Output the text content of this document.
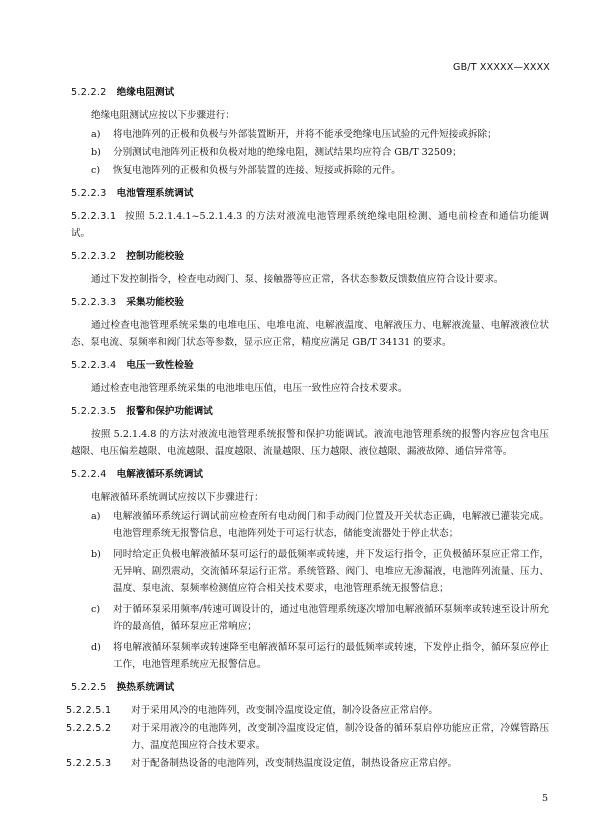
GB/T XXXXX—XXXX
5.2.2.2 绝缘电阻测试
绝缘电阻测试应按以下步骤进行：
a)	将电池阵列的正极和负极与外部装置断开，并将不能承受绝缘电压试验的元件短接或拆除；
b)	分别测试电池阵列正极和负极对地的绝缘电阻，测试结果均应符合 GB/T 32509；
c)	恢复电池阵列的正极和负极与外部装置的连接、短接或拆除的元件。
5.2.2.3 电池管理系统调试
5.2.2.3.1 按照 5.2.1.4.1~5.2.1.4.3 的方法对液流电池管理系统绝缘电阻检测、通电前检查和通信功能调试。
5.2.2.3.2 控制功能校验
通过下发控制指令，检查电动阀门、泵、接触器等应正常，各状态参数反馈数值应符合设计要求。
5.2.2.3.3 采集功能校验
通过检查电池管理系统采集的电堆电压、电堆电流、电解液温度、电解液压力、电解液流量、电解液液位状态、泵电流、泵频率和阀门状态等参数，显示应正常，精度应满足 GB/T 34131 的要求。
5.2.2.3.4 电压一致性检验
通过检查电池管理系统采集的电池堆电压值，电压一致性应符合技术要求。
5.2.2.3.5 报警和保护功能调试
按照 5.2.1.4.8 的方法对液流电池管理系统报警和保护功能调试。液流电池管理系统的报警内容应包含电压越限、电压偏差越限、电流越限、温度越限、流量越限、压力越限、液位越限、漏液故障、通信异常等。
5.2.2.4 电解液循环系统调试
电解液循环系统调试应按以下步骤进行：
a)	电解液循环系统运行调试前应检查所有电动阀门和手动阀门位置及开关状态正确，电解液已灌装完成。电池管理系统无报警信息，电池阵列处于可运行状态，储能变流器处于停止状态；
b)	同时给定正负极电解液循环泵可运行的最低频率或转速，并下发运行指令，正负极循环泵应正常工作，无异响、剧烈震动，交流循环泵运行正常。系统管路、阀门、电堆应无渗漏液，电池阵列流量、压力、温度、泵电流、泵频率检测值应符合相关技术要求，电池管理系统无报警信息；
c)	对于循环泵采用频率/转速可调设计的，通过电池管理系统逐次增加电解液循环泵频率或转速至设计所允许的最高值，循环泵应正常响应；
d)	将电解液循环泵频率或转速降至电解液循环泵可运行的最低频率或转速，下发停止指令，循环泵应停止工作，电池管理系统应无报警信息。
5.2.2.5 换热系统调试
5.2.2.5.1	对于采用风冷的电池阵列，改变制冷温度设定值，制冷设备应正常启停。
5.2.2.5.2	对于采用液冷的电池阵列，改变制冷温度设定值，制冷设备的循环泵启停功能应正常，冷媒管路压力、温度范围应符合技术要求。
5.2.2.5.3	对于配备制热设备的电池阵列，改变制热温度设定值，制热设备应正常启停。
5
